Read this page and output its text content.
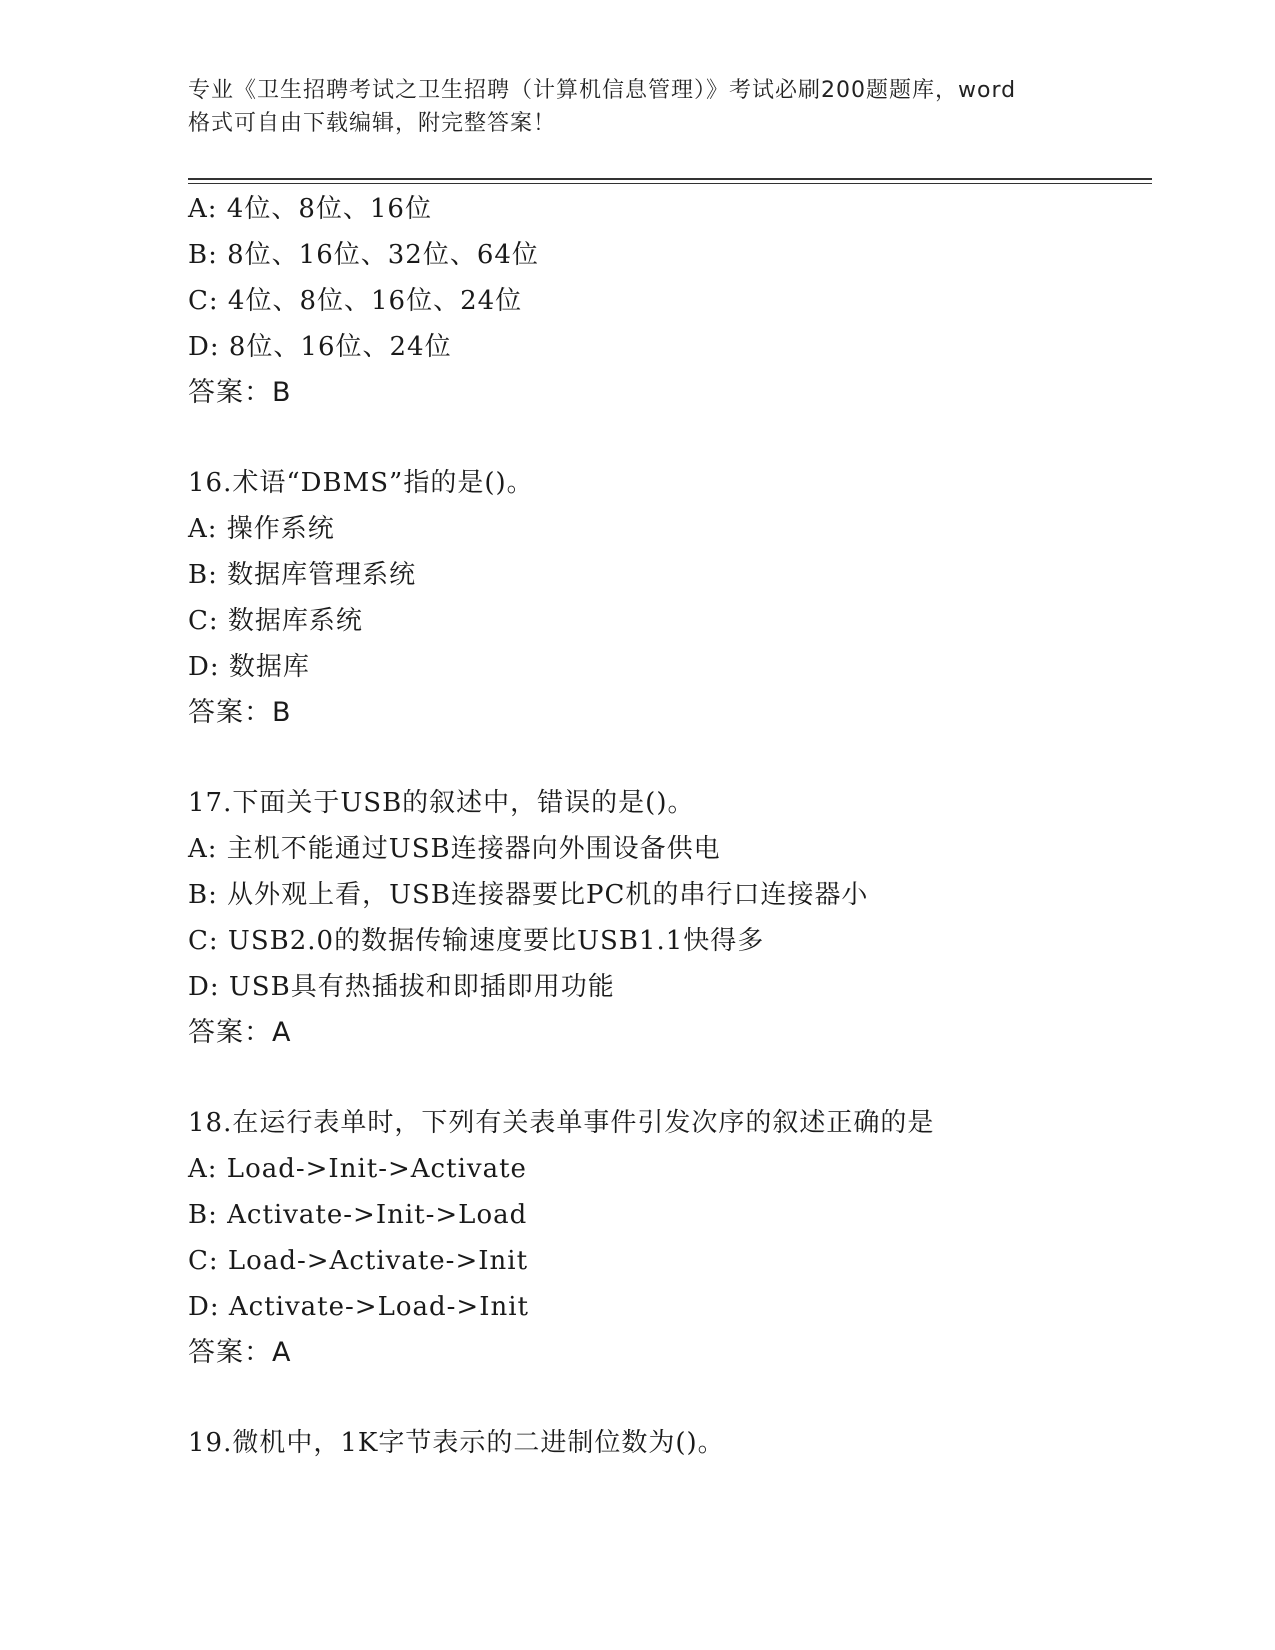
专业《卫生招聘考试之卫生招聘（计算机信息管理）》考试必刷200题题库，word
格式可自由下载编辑，附完整答案！
A: 4位、8位、16位
B: 8位、16位、32位、64位
C: 4位、8位、16位、24位
D: 8位、16位、24位
答案：B
16.术语“DBMS”指的是()。
A: 操作系统
B: 数据库管理系统
C: 数据库系统
D: 数据库
答案：B
17.下面关于USB的叙述中，错误的是()。
A: 主机不能通过USB连接器向外围设备供电
B: 从外观上看，USB连接器要比PC机的串行口连接器小
C: USB2.0的数据传输速度要比USB1.1快得多
D: USB具有热插拔和即插即用功能
答案：A
18.在运行表单时，下列有关表单事件引发次序的叙述正确的是
A: Load->Init->Activate
B: Activate->Init->Load
C: Load->Activate->Init
D: Activate->Load->Init
答案：A
19.微机中，1K字节表示的二进制位数为()。
